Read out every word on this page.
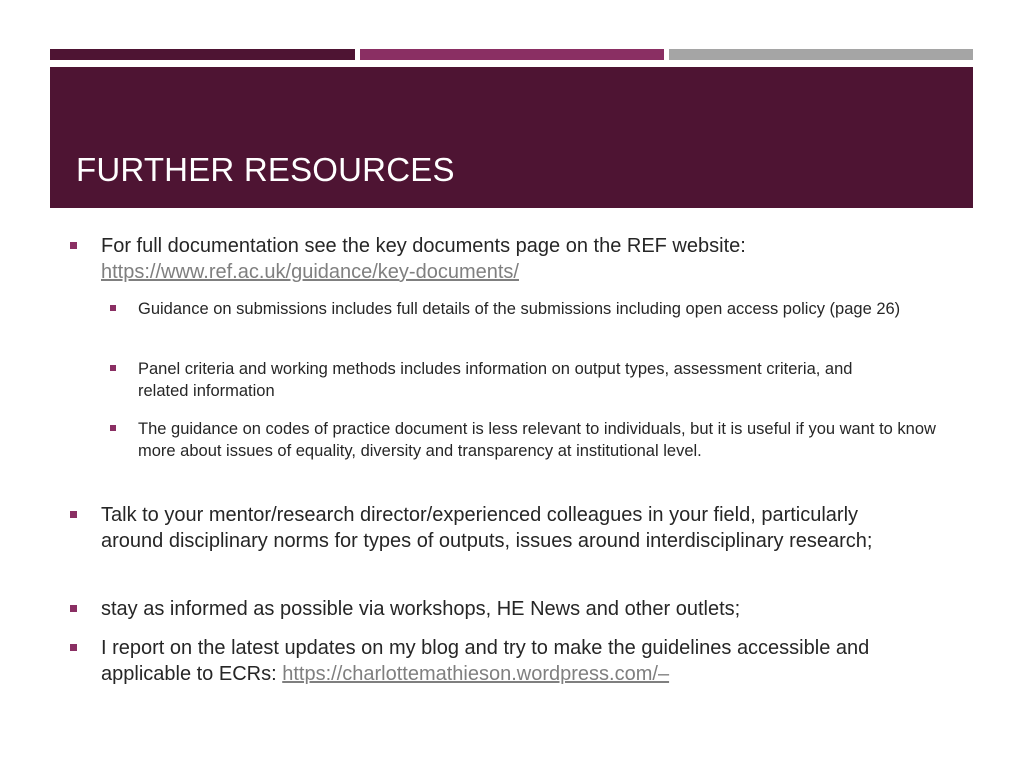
FURTHER RESOURCES

For full documentation see the key documents page on the REF website:
https://www.ref.ac.uk/guidance/key-documents/

Guidance on submissions includes full details of the submissions including open access policy (page 26)

Panel criteria and working methods includes information on output types, assessment criteria, and related information

The guidance on codes of practice document is less relevant to individuals, but it is useful if you want to know more about issues of equality, diversity and transparency at institutional level.

Talk to your mentor/research director/experienced colleagues in your field, particularly around disciplinary norms for types of outputs, issues around interdisciplinary research;

stay as informed as possible via workshops, HE News and other outlets;

I report on the latest updates on my blog and try to make the guidelines accessible and applicable to ECRs: https://charlottemathieson.wordpress.com/–
